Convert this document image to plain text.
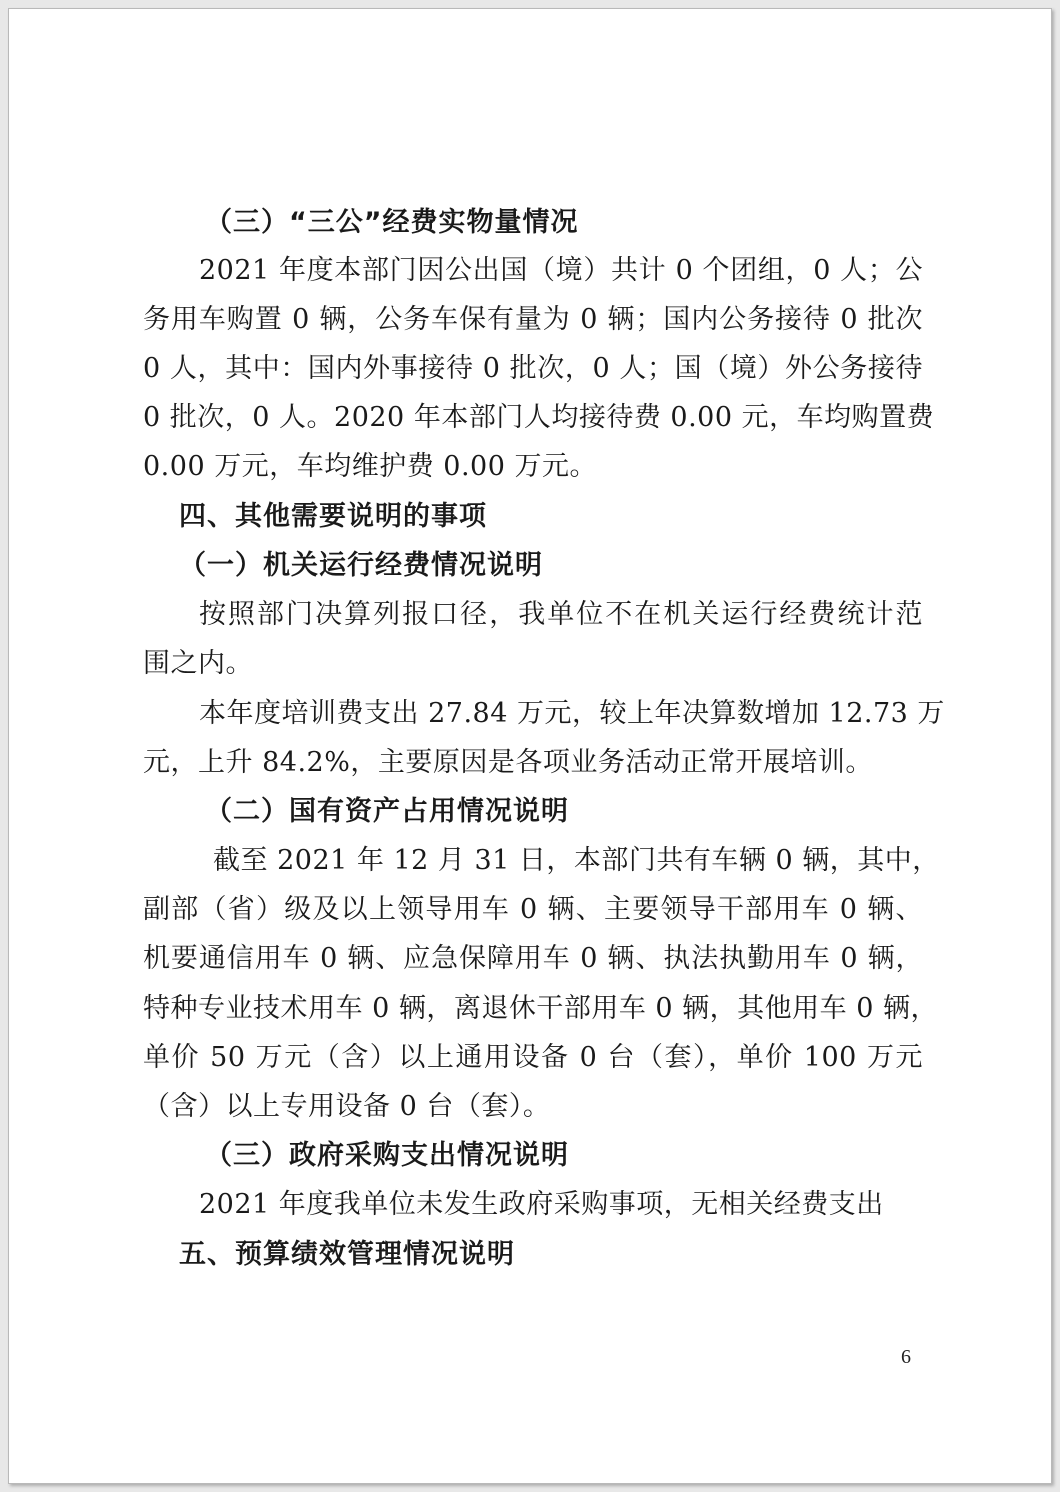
（三）“三公”经费实物量情况
2021 年度本部门因公出国（境）共计 0 个团组，0 人；公
务用车购置 0 辆，公务车保有量为 0 辆；国内公务接待 0 批次
0 人，其中：国内外事接待 0 批次，0 人；国（境）外公务接待
0 批次，0 人。2020 年本部门人均接待费 0.00 元，车均购置费
0.00 万元，车均维护费 0.00 万元。
四、其他需要说明的事项
（一）机关运行经费情况说明
按照部门决算列报口径，我单位不在机关运行经费统计范
围之内。
本年度培训费支出 27.84 万元，较上年决算数增加 12.73 万
元，上升 84.2%，主要原因是各项业务活动正常开展培训。
（二）国有资产占用情况说明
截至 2021 年 12 月 31 日，本部门共有车辆 0 辆，其中，
副部（省）级及以上领导用车 0 辆、主要领导干部用车 0 辆、
机要通信用车 0 辆、应急保障用车 0 辆、执法执勤用车 0 辆，
特种专业技术用车 0 辆，离退休干部用车 0 辆，其他用车 0 辆，
单价 50 万元（含）以上通用设备 0 台（套），单价 100 万元
（含）以上专用设备 0 台（套）。
（三）政府采购支出情况说明
2021 年度我单位未发生政府采购事项，无相关经费支出
五、预算绩效管理情况说明
6
